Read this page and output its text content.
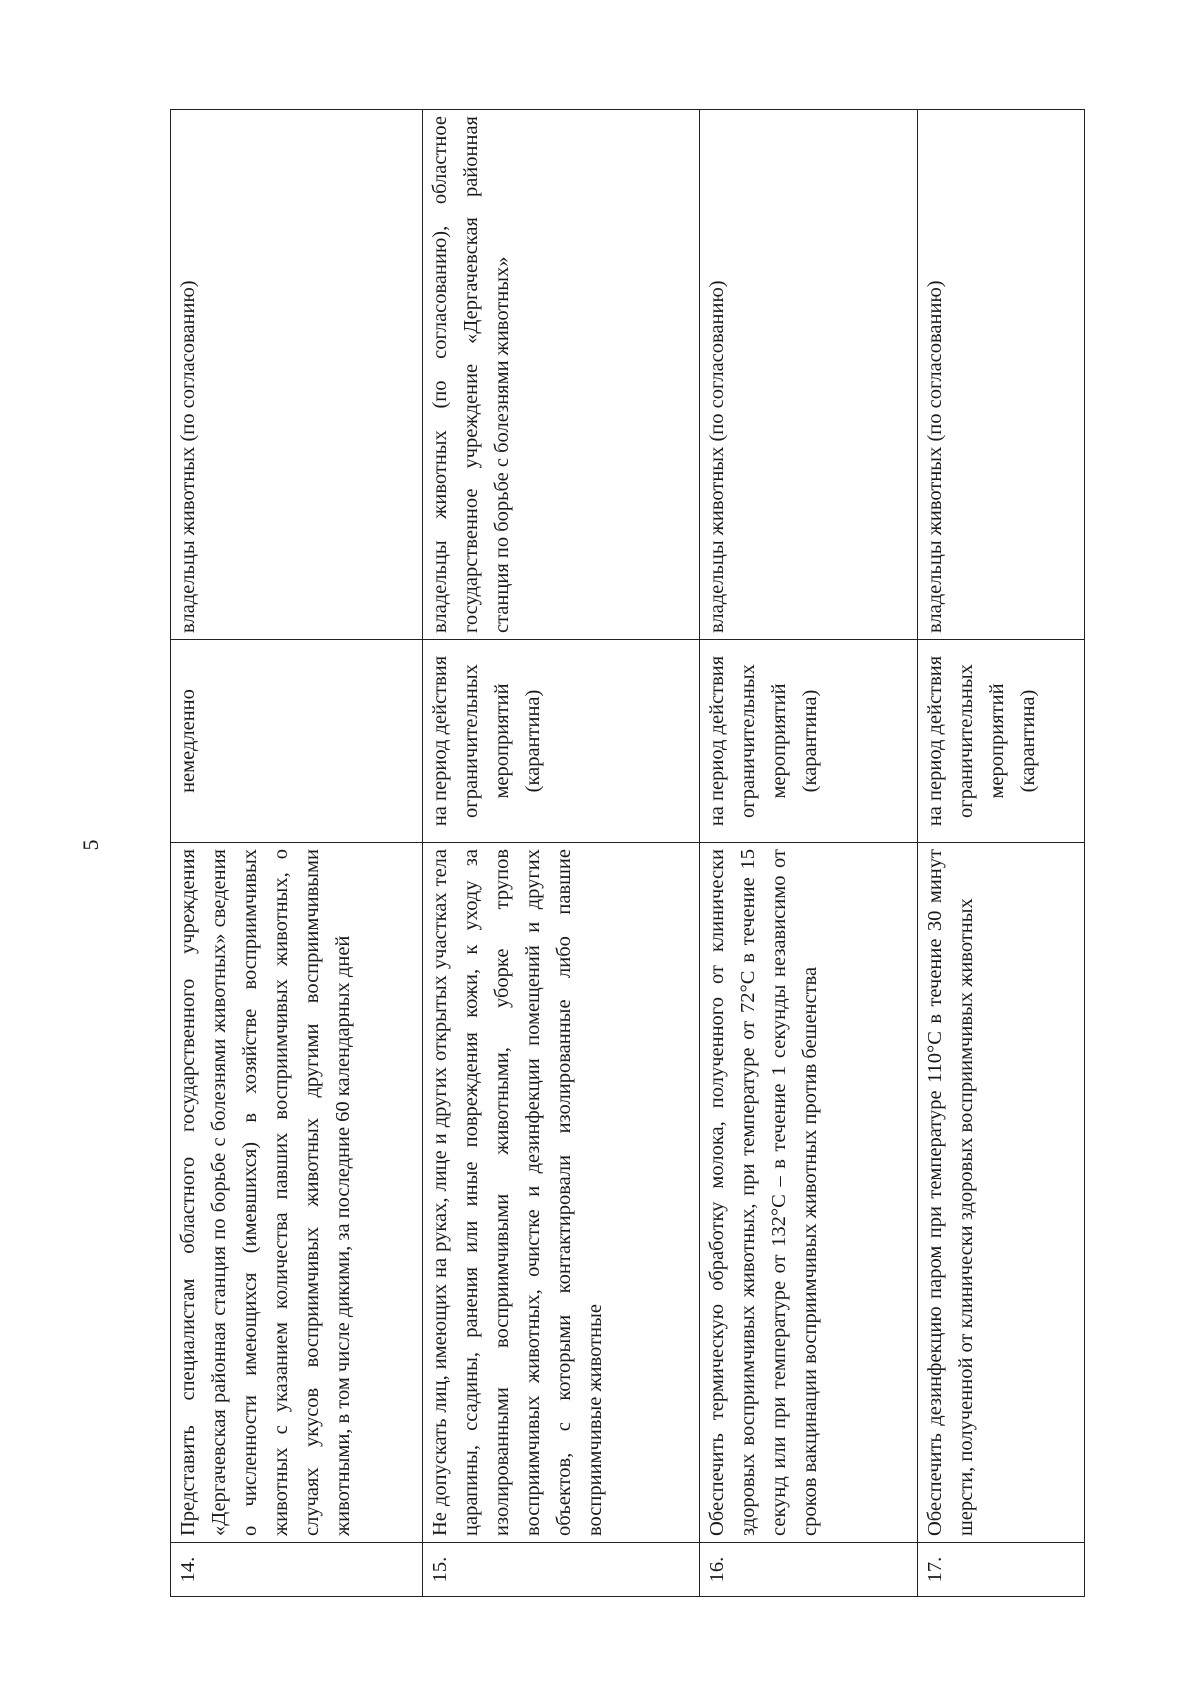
5
14.	Представить специалистам областного государственного учреждения «Дергачевская районная станция по борьбе с болезнями животных» сведения о численности имеющихся (имевшихся) в хозяйстве восприимчивых животных с указанием количества павших восприимчивых животных, о случаях укусов восприимчивых животных другими восприимчивыми животными, в том числе дикими, за последние 60 календарных дней	немедленно	владельцы животных (по согласованию)
15.	Не допускать лиц, имеющих на руках, лице и других открытых участках тела царапины, ссадины, ранения или иные повреждения кожи, к уходу за изолированными восприимчивыми животными, уборке трупов восприимчивых животных, очистке и дезинфекции помещений и других объектов, с которыми контактировали изолированные либо павшие восприимчивые животные	на период действия ограничительных мероприятий (карантина)	владельцы животных (по согласованию), областное государственное учреждение «Дергачевская районная станция по борьбе с болезнями животных»
16.	Обеспечить термическую обработку молока, полученного от клинически здоровых восприимчивых животных, при температуре от 72°С в течение 15 секунд или при температуре от 132°С – в течение 1 секунды независимо от сроков вакцинации восприимчивых животных против бешенства	на период действия ограничительных мероприятий (карантина)	владельцы животных (по согласованию)
17.	Обеспечить дезинфекцию паром при температуре 110°С в течение 30 минут шерсти, полученной от клинически здоровых восприимчивых животных	на период действия ограничительных мероприятий (карантина)	владельцы животных (по согласованию)
